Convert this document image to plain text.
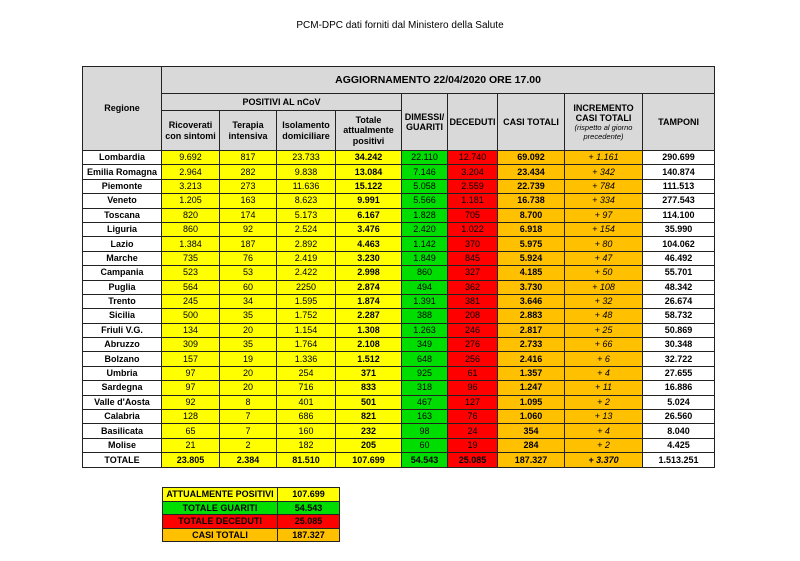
PCM-DPC dati forniti dal Ministero della Salute
Regione	AGGIORNAMENTO 22/04/2020 ORE 17.00								
	POSITIVI AL nCoV				DIMESSI/ GUARITI	DECEDUTI	CASI TOTALI	INCREMENTO CASI TOTALI
(rispetto al giorno precedente)	TAMPONI
	Ricoverati con sintomi	Terapia intensiva	Isolamento domiciliare	Totale attualmente positivi					
Lombardia	9.692	817	23.733	34.242	22.110	12.740	69.092	+ 1.161	290.699
Emilia Romagna	2.964	282	9.838	13.084	7.146	3.204	23.434	+ 342	140.874
Piemonte	3.213	273	11.636	15.122	5.058	2.559	22.739	+ 784	111.513
Veneto	1.205	163	8.623	9.991	5.566	1.181	16.738	+ 334	277.543
Toscana	820	174	5.173	6.167	1.828	705	8.700	+ 97	114.100
Liguria	860	92	2.524	3.476	2.420	1.022	6.918	+ 154	35.990
Lazio	1.384	187	2.892	4.463	1.142	370	5.975	+ 80	104.062
Marche	735	76	2.419	3.230	1.849	845	5.924	+ 47	46.492
Campania	523	53	2.422	2.998	860	327	4.185	+ 50	55.701
Puglia	564	60	2250	2.874	494	362	3.730	+ 108	48.342
Trento	245	34	1.595	1.874	1.391	381	3.646	+ 32	26.674
Sicilia	500	35	1.752	2.287	388	208	2.883	+ 48	58.732
Friuli V.G.	134	20	1.154	1.308	1.263	246	2.817	+ 25	50.869
Abruzzo	309	35	1.764	2.108	349	276	2.733	+ 66	30.348
Bolzano	157	19	1.336	1.512	648	256	2.416	+ 6	32.722
Umbria	97	20	254	371	925	61	1.357	+ 4	27.655
Sardegna	97	20	716	833	318	96	1.247	+ 11	16.886
Valle d'Aosta	92	8	401	501	467	127	1.095	+ 2	5.024
Calabria	128	7	686	821	163	76	1.060	+ 13	26.560
Basilicata	65	7	160	232	98	24	354	+ 4	8.040
Molise	21	2	182	205	60	19	284	+ 2	4.425
TOTALE	23.805	2.384	81.510	107.699	54.543	25.085	187.327	+ 3.370	1.513.251
ATTUALMENTE POSITIVI	107.699
TOTALE GUARITI	54.543
TOTALE DECEDUTI	25.085
CASI TOTALI	187.327
